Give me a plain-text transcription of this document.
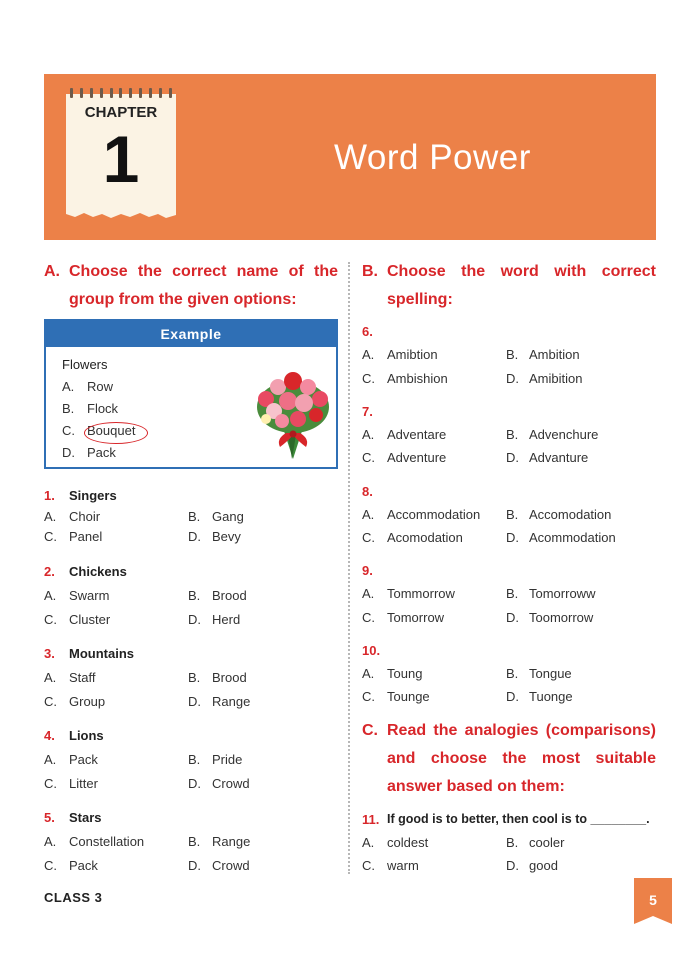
CHAPTER
1	Word Power
A. Choose the correct name of the group from the given options:
Example
Flowers
A. Row
B. Flock
C. Bouquet
D. Pack
1. Singers
A. Choir	B. Gang
C. Panel	D. Bevy
2. Chickens
A. Swarm	B. Brood
C. Cluster	D. Herd
3. Mountains
A. Staff	B. Brood
C. Group	D. Range
4. Lions
A. Pack	B. Pride
C. Litter	D. Crowd
5. Stars
A. Constellation	B. Range
C. Pack	D. Crowd
B. Choose the word with correct spelling:
6.
A. Amibtion	B. Ambition
C. Ambishion	D. Amibition
7.
A. Adventare	B. Advenchure
C. Adventure	D. Advanture
8.
A. Accommodation B. Accomodation
C. Acomodation	D. Acommodation
9.
A. Tommorrow	B. Tomorroww
C. Tomorrow	D. Toomorrow
10.
A. Toung	B. Tongue
C. Tounge	D. Tuonge
C. Read the analogies (comparisons) and choose the most suitable answer based on them:
11. If good is to better, then cool is to ________.
A. coldest	B. cooler
C. warm	D. good
CLASS 3	5
